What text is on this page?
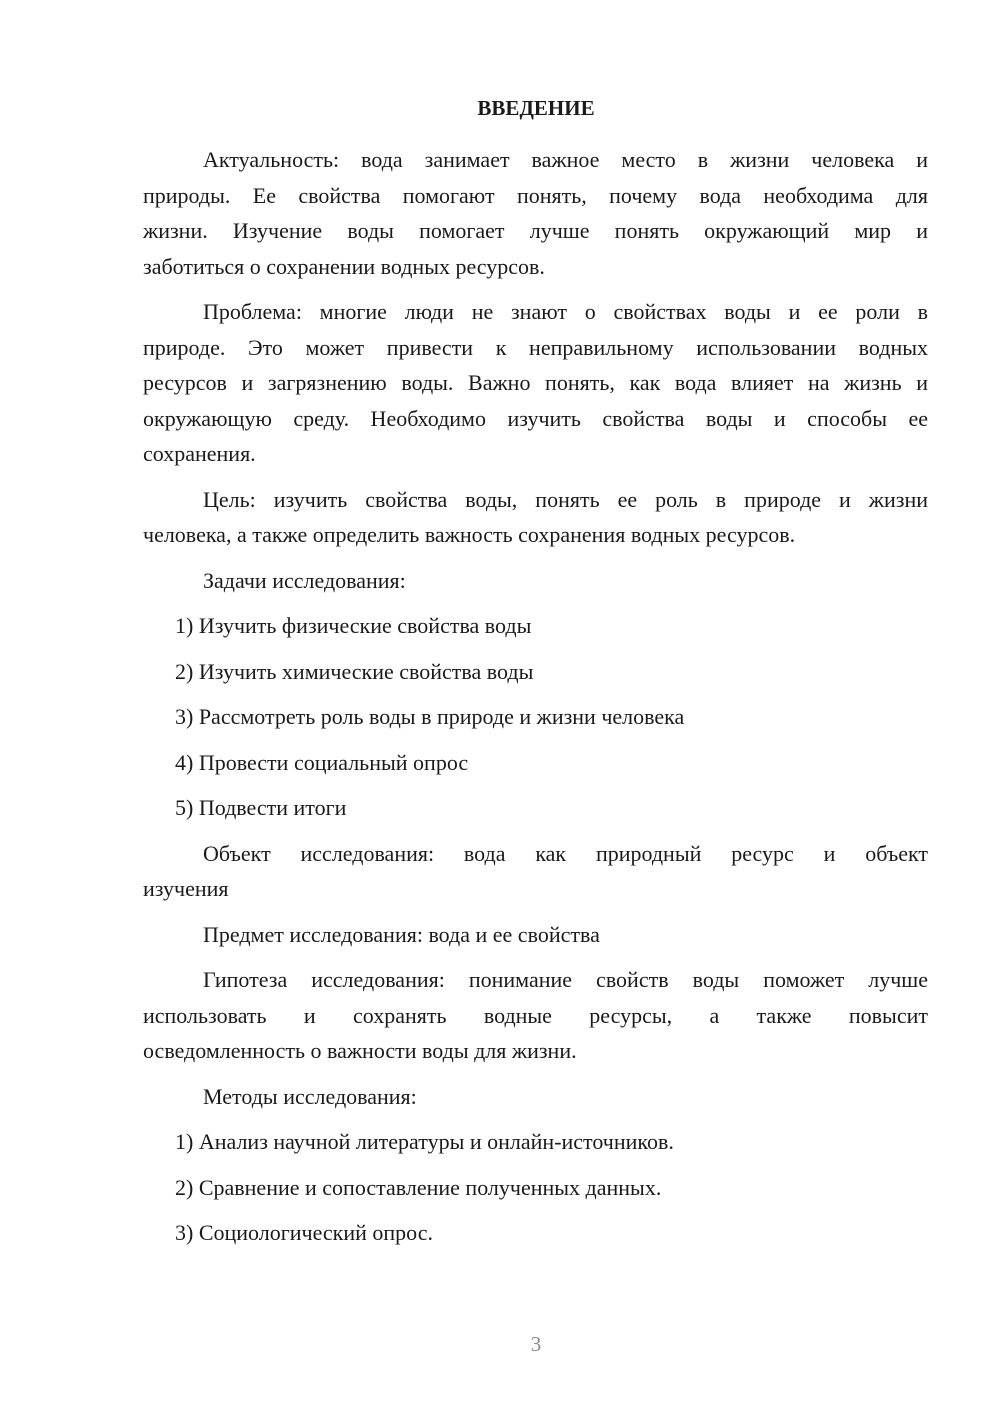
ВВЕДЕНИЕ
Актуальность: вода занимает важное место в жизни человека и
природы. Ее свойства помогают понять, почему вода необходима для
жизни. Изучение воды помогает лучше понять окружающий мир и
заботиться о сохранении водных ресурсов.
Проблема: многие люди не знают о свойствах воды и ее роли в
природе. Это может привести к неправильному использовании водных
ресурсов и загрязнению воды. Важно понять, как вода влияет на жизнь и
окружающую среду. Необходимо изучить свойства воды и способы ее
сохранения.
Цель: изучить свойства воды, понять ее роль в природе и жизни
человека, а также определить важность сохранения водных ресурсов.
Задачи исследования:
1) Изучить физические свойства воды
2) Изучить химические свойства воды
3) Рассмотреть роль воды в природе и жизни человека
4) Провести социальный опрос
5) Подвести итоги
Объект исследования: вода как природный ресурс и объект
изучения
Предмет исследования: вода и ее свойства
Гипотеза исследования: понимание свойств воды поможет лучше
использовать и сохранять водные ресурсы, а также повысит
осведомленность о важности воды для жизни.
Методы исследования:
1) Анализ научной литературы и онлайн-источников.
2) Сравнение и сопоставление полученных данных.
3) Социологический опрос.
3
